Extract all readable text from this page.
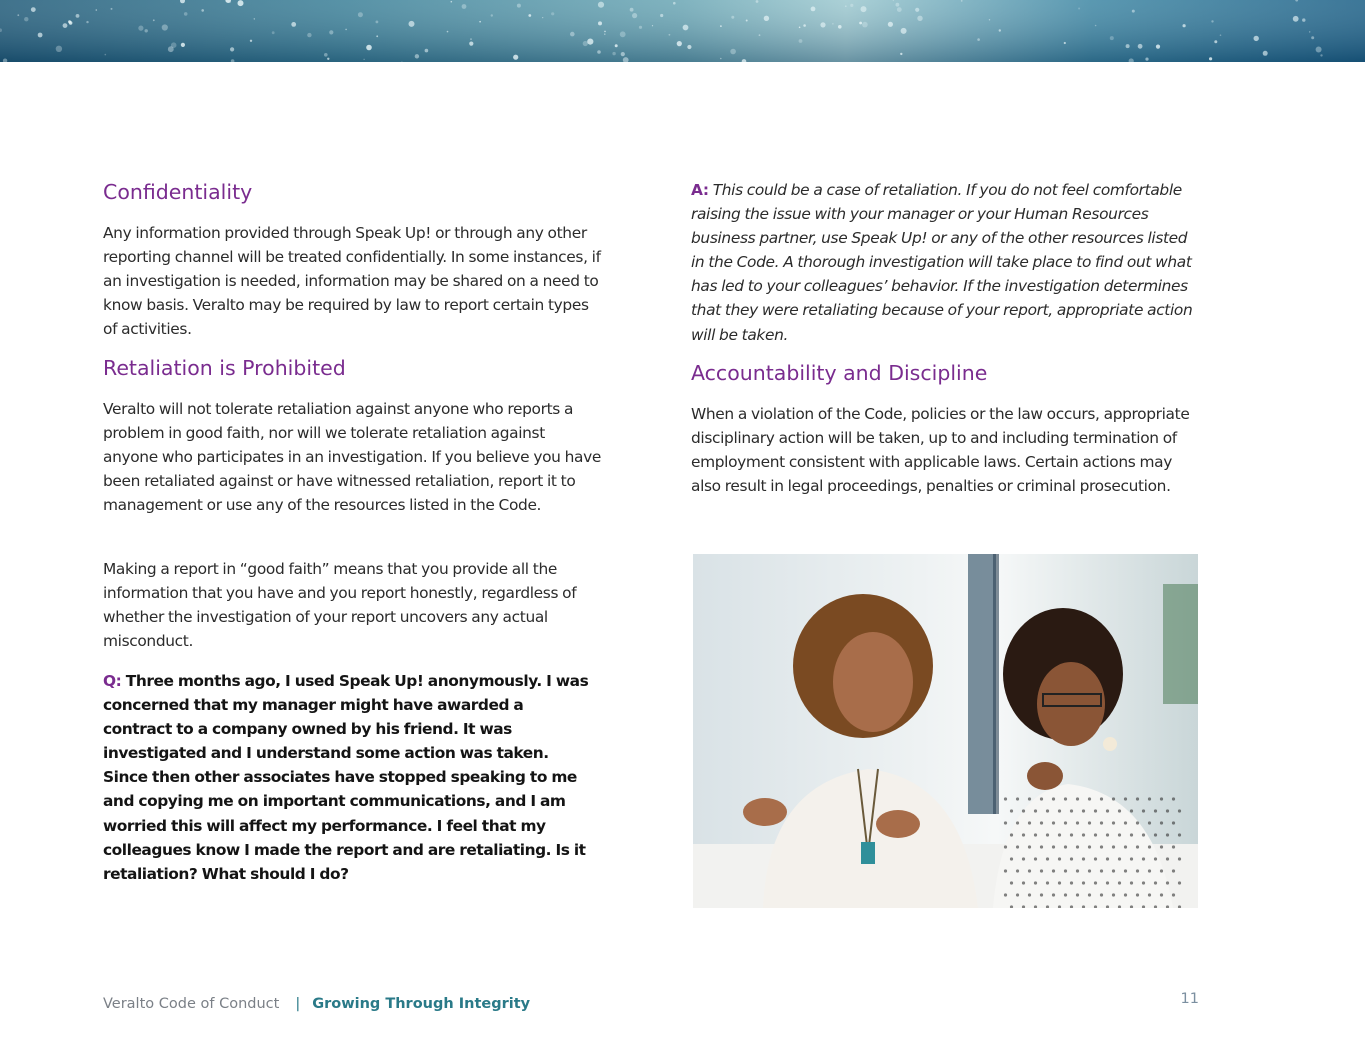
Confidentiality

Any information provided through Speak Up! or through any other reporting channel will be treated confidentially. In some instances, if an investigation is needed, information may be shared on a need to know basis. Veralto may be required by law to report certain types of activities.

Retaliation is Prohibited

Veralto will not tolerate retaliation against anyone who reports a problem in good faith, nor will we tolerate retaliation against anyone who participates in an investigation. If you believe you have been retaliated against or have witnessed retaliation, report it to management or use any of the resources listed in the Code.

Making a report in “good faith” means that you provide all the information that you have and you report honestly, regardless of whether the investigation of your report uncovers any actual misconduct.

Q: Three months ago, I used Speak Up! anonymously. I was concerned that my manager might have awarded a contract to a company owned by his friend. It was investigated and I understand some action was taken. Since then other associates have stopped speaking to me and copying me on important communications, and I am worried this will affect my performance. I feel that my colleagues know I made the report and are retaliating. Is it retaliation? What should I do?

A: This could be a case of retaliation. If you do not feel comfortable raising the issue with your manager or your Human Resources business partner, use Speak Up! or any of the other resources listed in the Code. A thorough investigation will take place to find out what has led to your colleagues’ behavior. If the investigation determines that they were retaliating because of your report, appropriate action will be taken.

Accountability and Discipline

When a violation of the Code, policies or the law occurs, appropriate disciplinary action will be taken, up to and including termination of employment consistent with applicable laws. Certain actions may also result in legal proceedings, penalties or criminal prosecution.

Veralto Code of Conduct | Growing Through Integrity	11
